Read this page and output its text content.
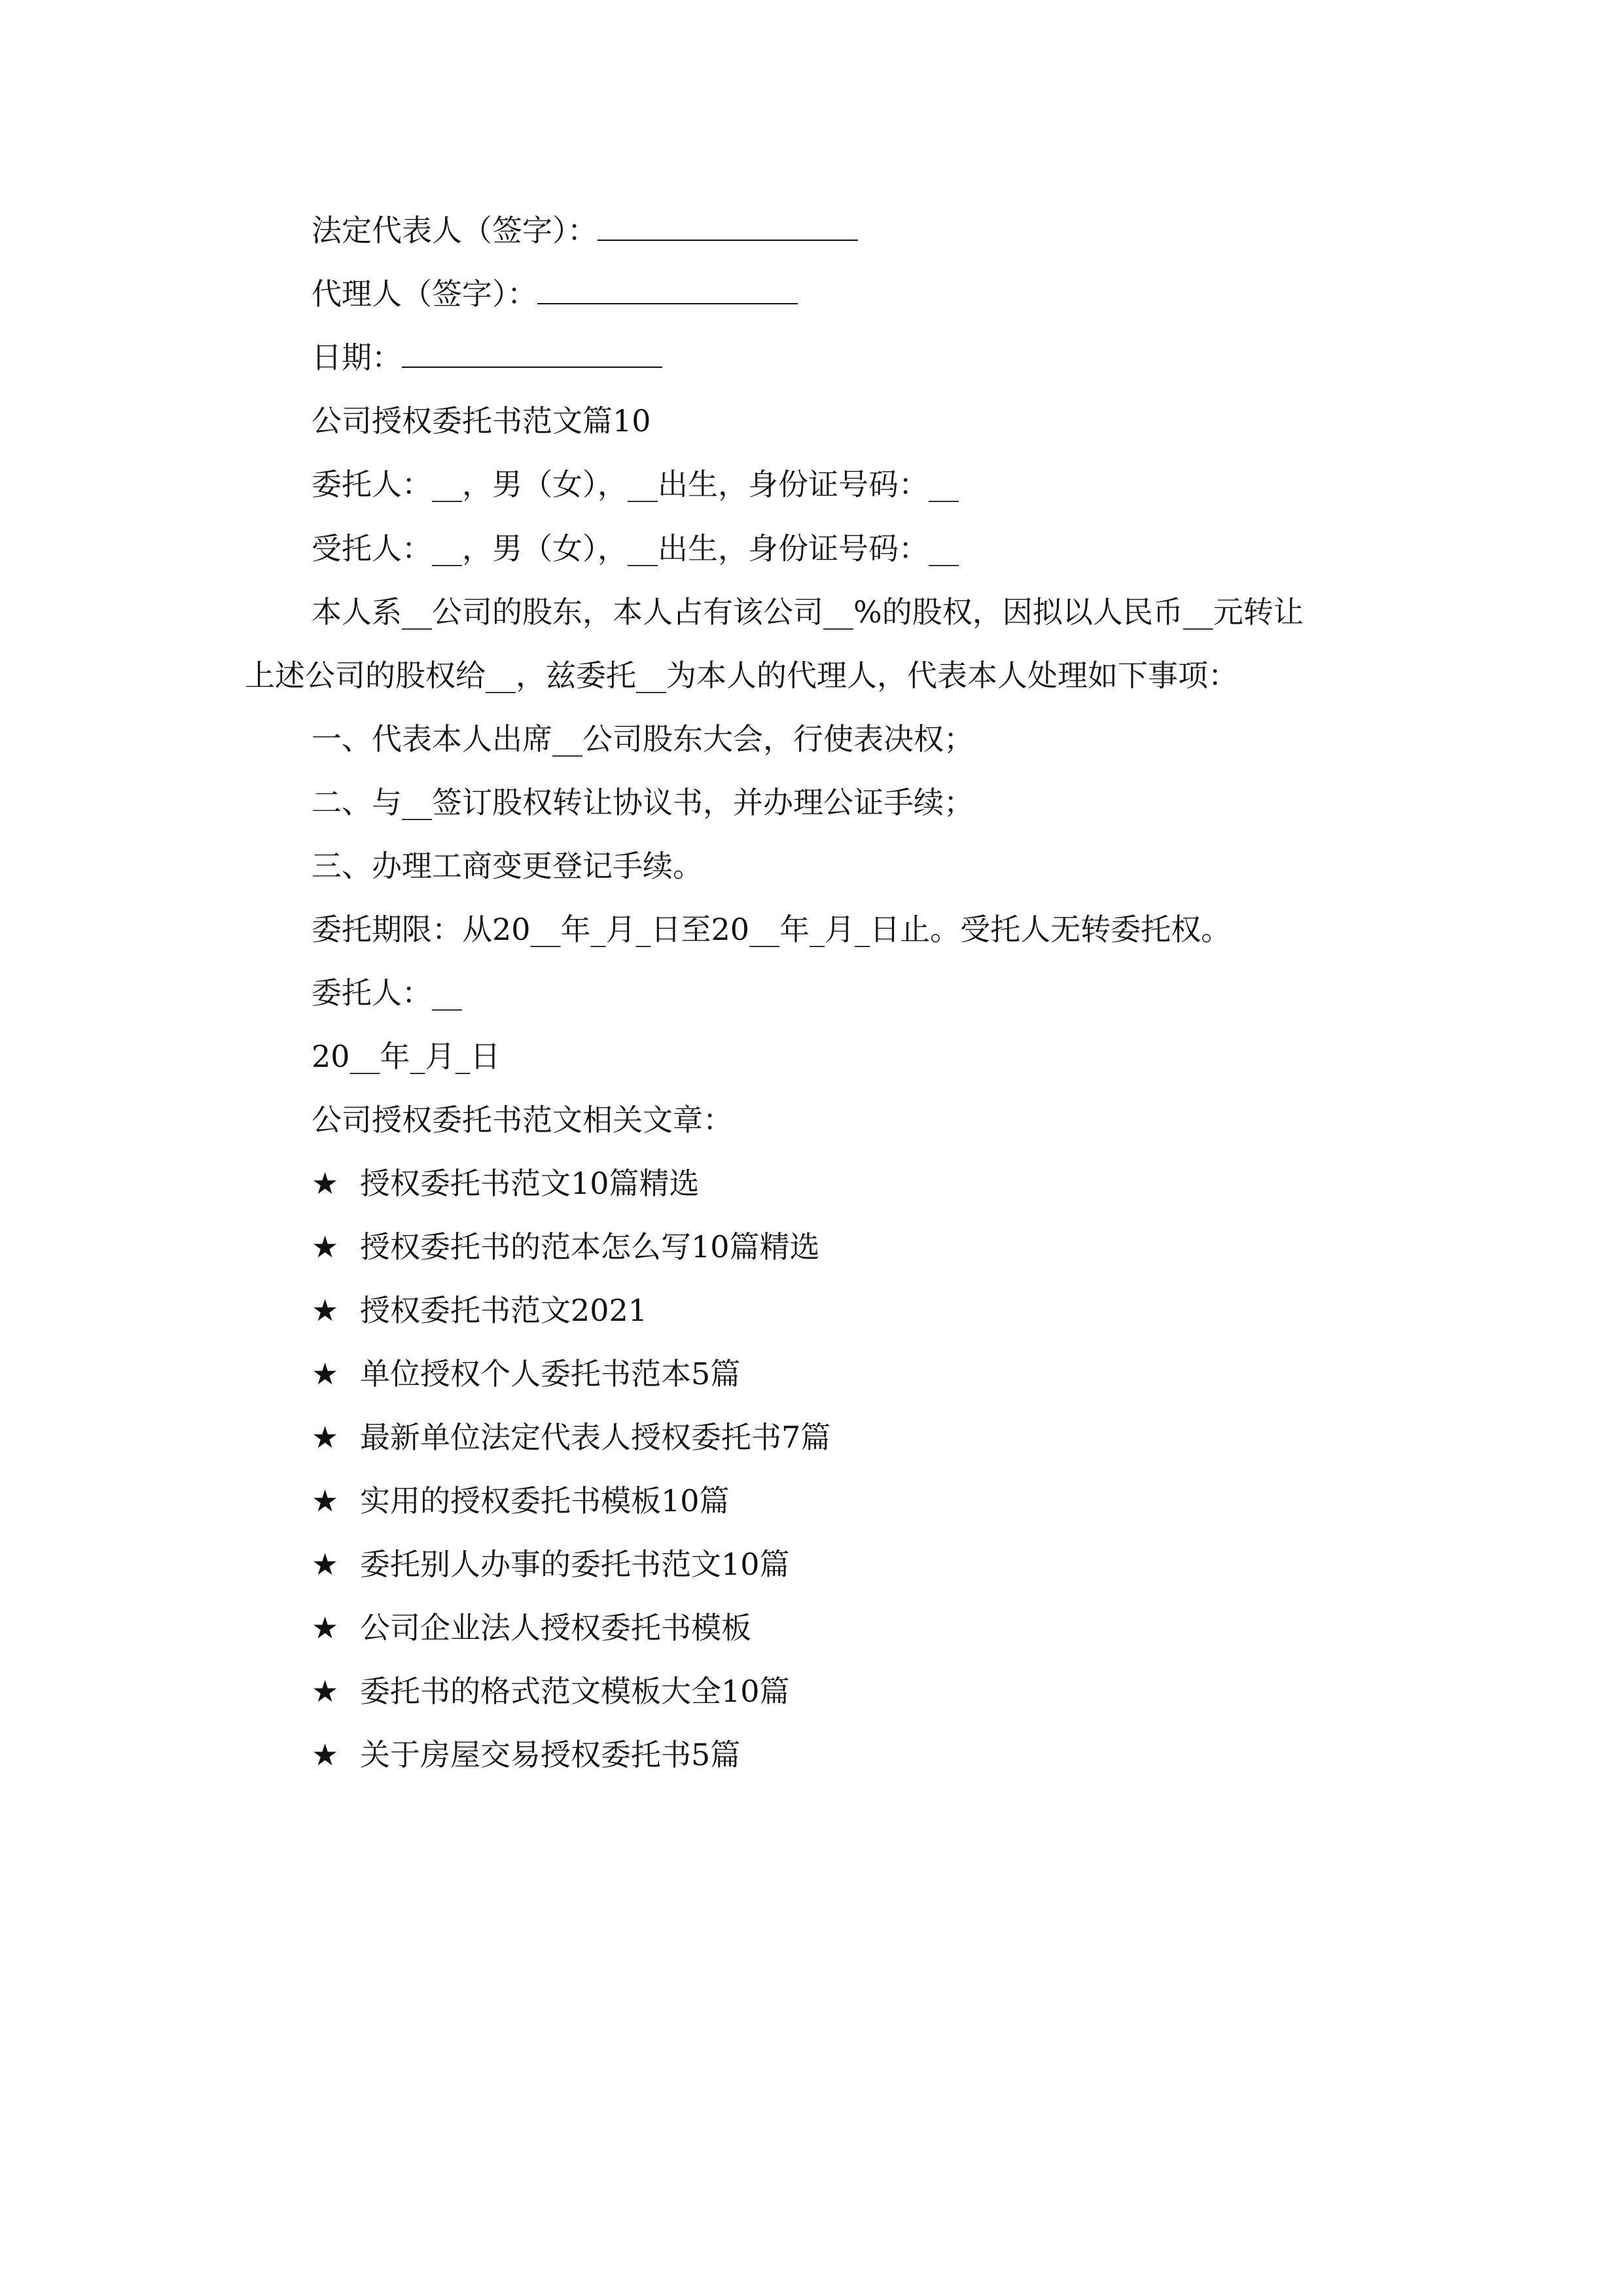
法定代表人（签字）：
代理人（签字）：
日期：
公司授权委托书范文篇10
委托人：__，男（女），__出生，身份证号码：__
受托人：__，男（女），__出生，身份证号码：__
本人系__公司的股东，本人占有该公司__%的股权，因拟以人民币__元转让
上述公司的股权给__，兹委托__为本人的代理人，代表本人处理如下事项：
一、代表本人出席__公司股东大会，行使表决权；
二、与__签订股权转让协议书，并办理公证手续；
三、办理工商变更登记手续。
委托期限：从20__年_月_日至20__年_月_日止。受托人无转委托权。
委托人：__
20__年_月_日
公司授权委托书范文相关文章：
★ 授权委托书范文10篇精选
★ 授权委托书的范本怎么写10篇精选
★ 授权委托书范文2021
★ 单位授权个人委托书范本5篇
★ 最新单位法定代表人授权委托书7篇
★ 实用的授权委托书模板10篇
★ 委托别人办事的委托书范文10篇
★ 公司企业法人授权委托书模板
★ 委托书的格式范文模板大全10篇
★ 关于房屋交易授权委托书5篇
